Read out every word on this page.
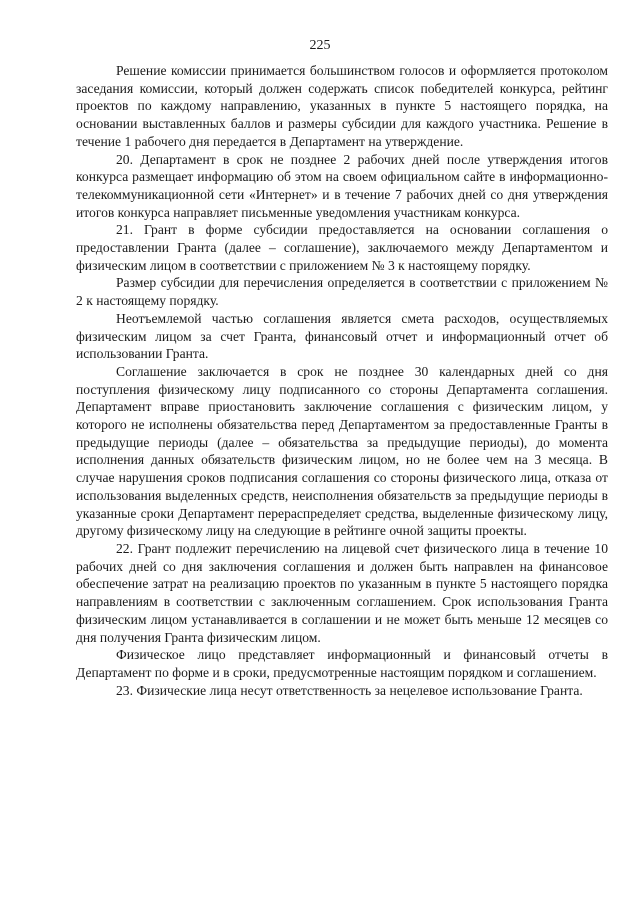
225

Решение комиссии принимается большинством голосов и оформляется протоколом заседания комиссии, который должен содержать список победителей конкурса, рейтинг проектов по каждому направлению, указанных в пункте 5 настоящего порядка, на основании выставленных баллов и размеры субсидии для каждого участника. Решение в течение 1 рабочего дня передается в Департамент на утверждение.

20. Департамент в срок не позднее 2 рабочих дней после утверждения итогов конкурса размещает информацию об этом на своем официальном сайте в информационно-телекоммуникационной сети «Интернет» и в течение 7 рабочих дней со дня утверждения итогов конкурса направляет письменные уведомления участникам конкурса.

21. Грант в форме субсидии предоставляется на основании соглашения о предоставлении Гранта (далее – соглашение), заключаемого между Департаментом и физическим лицом в соответствии с приложением № 3 к настоящему порядку.

Размер субсидии для перечисления определяется в соответствии с приложением № 2 к настоящему порядку.

Неотъемлемой частью соглашения является смета расходов, осуществляемых физическим лицом за счет Гранта, финансовый отчет и информационный отчет об использовании Гранта.

Соглашение заключается в срок не позднее 30 календарных дней со дня поступления физическому лицу подписанного со стороны Департамента соглашения. Департамент вправе приостановить заключение соглашения с физическим лицом, у которого не исполнены обязательства перед Департаментом за предоставленные Гранты в предыдущие периоды (далее – обязательства за предыдущие периоды), до момента исполнения данных обязательств физическим лицом, но не более чем на 3 месяца. В случае нарушения сроков подписания соглашения со стороны физического лица, отказа от использования выделенных средств, неисполнения обязательств за предыдущие периоды в указанные сроки Департамент перераспределяет средства, выделенные физическому лицу, другому физическому лицу на следующие в рейтинге очной защиты проекты.

22. Грант подлежит перечислению на лицевой счет физического лица в течение 10 рабочих дней со дня заключения соглашения и должен быть направлен на финансовое обеспечение затрат на реализацию проектов по указанным в пункте 5 настоящего порядка направлениям в соответствии с заключенным соглашением. Срок использования Гранта физическим лицом устанавливается в соглашении и не может быть меньше 12 месяцев со дня получения Гранта физическим лицом.

Физическое лицо представляет информационный и финансовый отчеты в Департамент по форме и в сроки, предусмотренные настоящим порядком и соглашением.

23. Физические лица несут ответственность за нецелевое использование Гранта.
